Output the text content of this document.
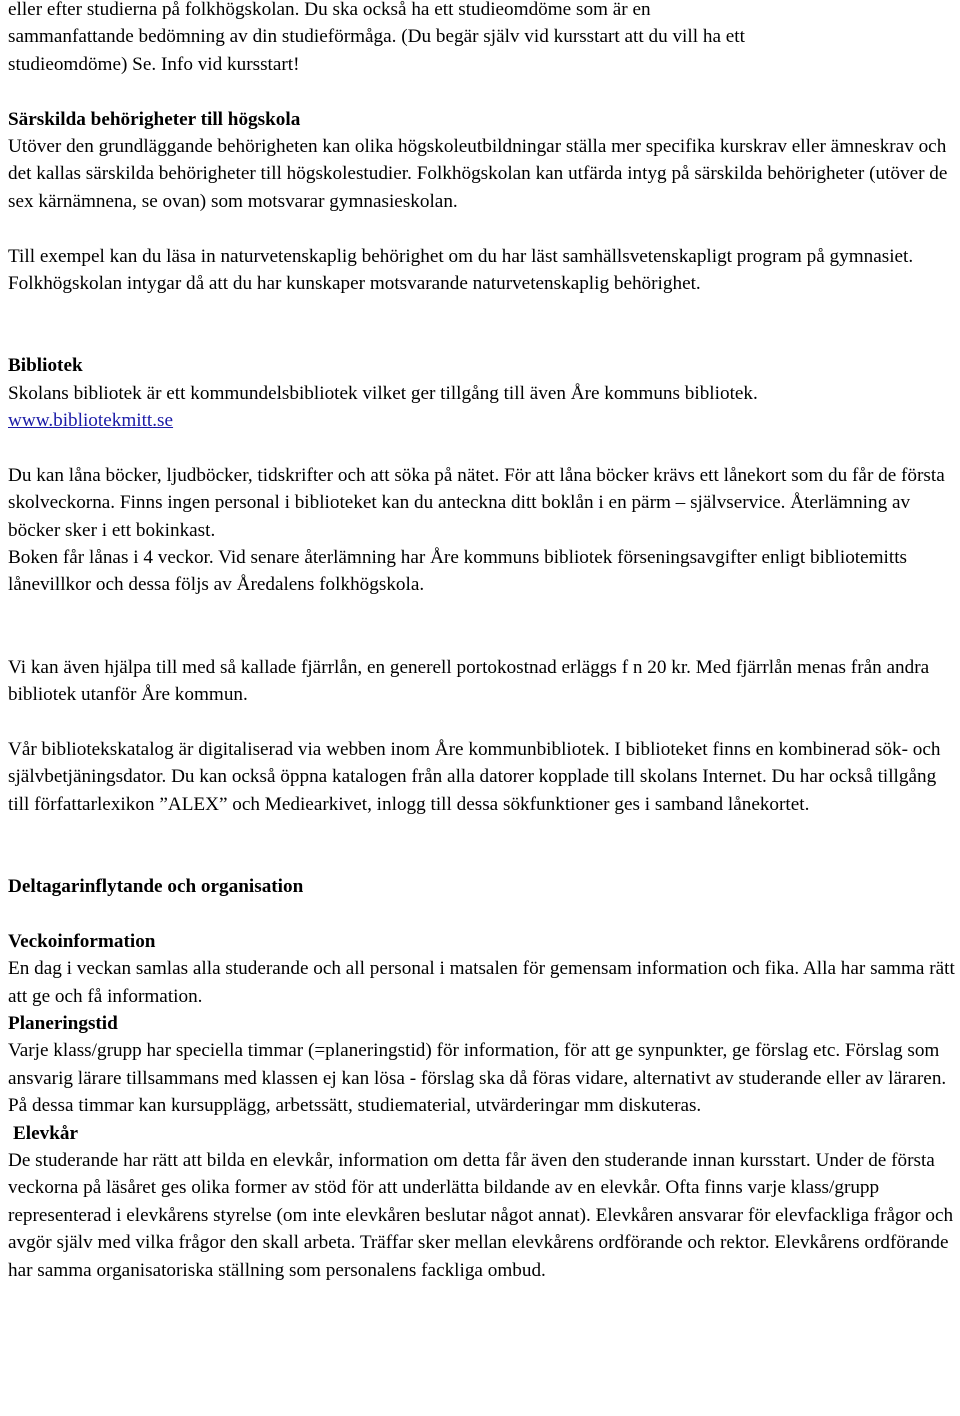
eller efter studierna på folkhögskolan. Du ska också ha ett studieomdöme som är en

sammanfattande bedömning av din studieförmåga. (Du begär själv vid kursstart att du vill ha ett

studieomdöme) Se. Info vid kursstart!

Särskilda behörigheter till högskola

Utöver den grundläggande behörigheten kan olika högskoleutbildningar ställa mer specifika kurskrav eller ämneskrav och det kallas särskilda behörigheter till högskolestudier. Folkhögskolan kan utfärda intyg på särskilda behörigheter (utöver de sex kärnämnena, se ovan) som motsvarar gymnasieskolan.

Till exempel kan du läsa in naturvetenskaplig behörighet om du har läst samhällsvetenskapligt program på gymnasiet. Folkhögskolan intygar då att du har kunskaper motsvarande naturvetenskaplig behörighet.

Bibliotek

Skolans bibliotek är ett kommundelsbibliotek vilket ger tillgång till även Åre kommuns bibliotek.

www.bibliotekmitt.se

Du kan låna böcker, ljudböcker, tidskrifter och att söka på nätet. För att låna böcker krävs ett lånekort som du får de första skolveckorna. Finns ingen personal i biblioteket kan du anteckna ditt boklån i en pärm – självservice. Återlämning av böcker sker i ett bokinkast.

Boken får lånas i 4 veckor. Vid senare återlämning har Åre kommuns bibliotek förseningsavgifter enligt bibliotemitts lånevillkor och dessa följs av Åredalens folkhögskola.

Vi kan även hjälpa till med så kallade fjärrlån, en generell portokostnad erläggs f n 20 kr. Med fjärrlån menas från andra bibliotek utanför Åre kommun.

Vår bibliotekskatalog är digitaliserad via webben inom Åre kommunbibliotek. I biblioteket finns en kombinerad sök- och självbetjäningsdator. Du kan också öppna katalogen från alla datorer kopplade till skolans Internet. Du har också tillgång till författarlexikon ”ALEX” och Mediearkivet, inlogg till dessa sökfunktioner ges i samband lånekortet.

Deltagarinflytande och organisation
Veckoinformation

En dag i veckan samlas alla studerande och all personal i matsalen för gemensam information och fika. Alla har samma rätt att ge och få information.

Planeringstid

Varje klass/grupp har speciella timmar (=planeringstid) för information, för att ge synpunkter, ge förslag etc. Förslag som ansvarig lärare tillsammans med klassen ej kan lösa - förslag ska då föras vidare, alternativt av studerande eller av läraren. På dessa timmar kan kursupplägg, arbetssätt, studiematerial, utvärderingar mm diskuteras.

Elevkår

De studerande har rätt att bilda en elevkår, information om detta får även den studerande innan kursstart. Under de första veckorna på läsåret ges olika former av stöd för att underlätta bildande av en elevkår. Ofta finns varje klass/grupp representerad i elevkårens styrelse (om inte elevkåren beslutar något annat). Elevkåren ansvarar för elevfackliga frågor och avgör själv med vilka frågor den skall arbeta. Träffar sker mellan elevkårens ordförande och rektor. Elevkårens ordförande har samma organisatoriska ställning som personalens fackliga ombud.
